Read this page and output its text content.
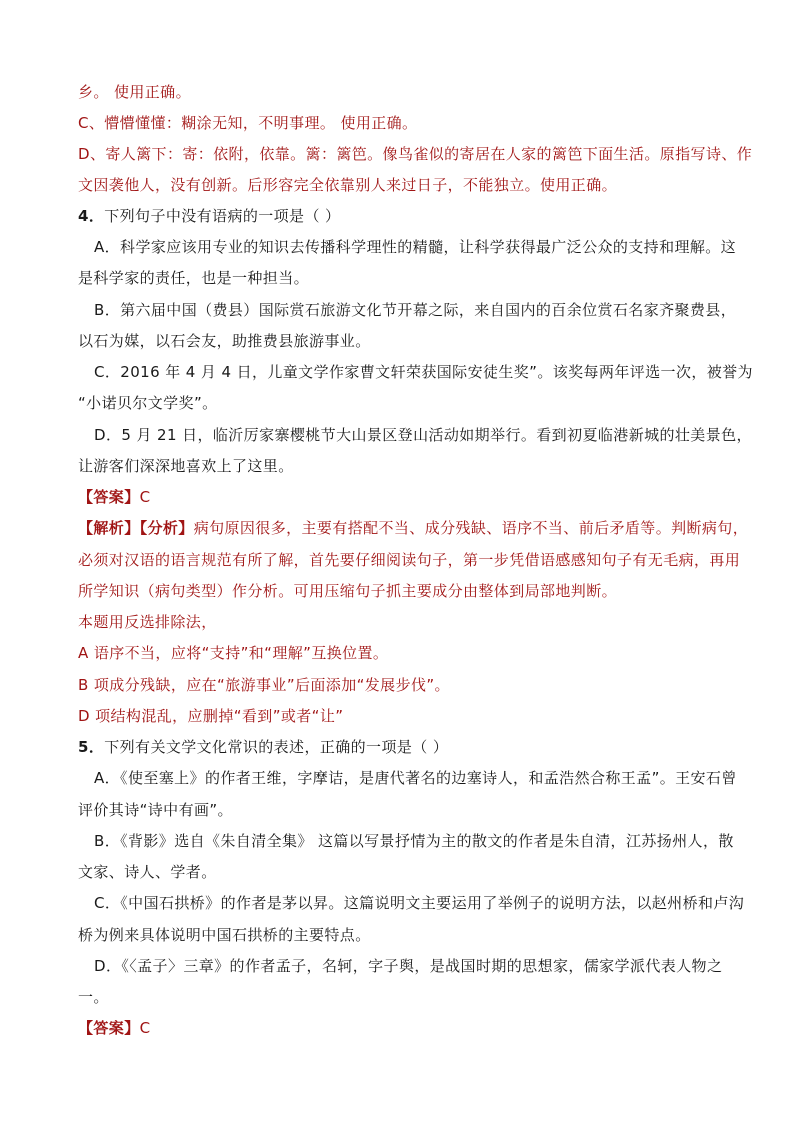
乡。 使用正确。
C、懵懵懂懂：糊涂无知，不明事理。 使用正确。
D、寄人篱下：寄：依附，依靠。篱：篱笆。像鸟雀似的寄居在人家的篱笆下面生活。原指写诗、作
文因袭他人，没有创新。后形容完全依靠别人来过日子，不能独立。使用正确。
4．下列句子中没有语病的一项是（ ）
A．科学家应该用专业的知识去传播科学理性的精髓，让科学获得最广泛公众的支持和理解。这
是科学家的责任，也是一种担当。
B．第六届中国（费县）国际赏石旅游文化节开幕之际，来自国内的百余位赏石名家齐聚费县，
以石为媒，以石会友，助推费县旅游事业。
C．2016 年 4 月 4 日，儿童文学作家曹文轩荣获国际安徒生奖”。该奖每两年评选一次，被誉为
“小诺贝尔文学奖”。
D．5 月 21 日，临沂厉家寨樱桃节大山景区登山活动如期举行。看到初夏临港新城的壮美景色，
让游客们深深地喜欢上了这里。
【答案】C
【解析】【分析】病句原因很多，主要有搭配不当、成分残缺、语序不当、前后矛盾等。判断病句，
必须对汉语的语言规范有所了解，首先要仔细阅读句子，第一步凭借语感感知句子有无毛病，再用
所学知识（病句类型）作分析。可用压缩句子抓主要成分由整体到局部地判断。
本题用反选排除法，
A 语序不当，应将“支持”和“理解”互换位置。
B 项成分残缺，应在“旅游事业”后面添加“发展步伐”。
D 项结构混乱，应删掉“看到”或者“让”
5．下列有关文学文化常识的表述，正确的一项是（ ）
A．《使至塞上》的作者王维，字摩诘，是唐代著名的边塞诗人，和孟浩然合称王孟”。王安石曾
评价其诗“诗中有画”。
B．《背影》选自《朱自清全集》 这篇以写景抒情为主的散文的作者是朱自清，江苏扬州人，散
文家、诗人、学者。
C．《中国石拱桥》的作者是茅以昇。这篇说明文主要运用了举例子的说明方法，以赵州桥和卢沟
桥为例来具体说明中国石拱桥的主要特点。
D．《〈孟子〉三章》的作者孟子，名轲，字子舆，是战国时期的思想家，儒家学派代表人物之
一。
【答案】C
